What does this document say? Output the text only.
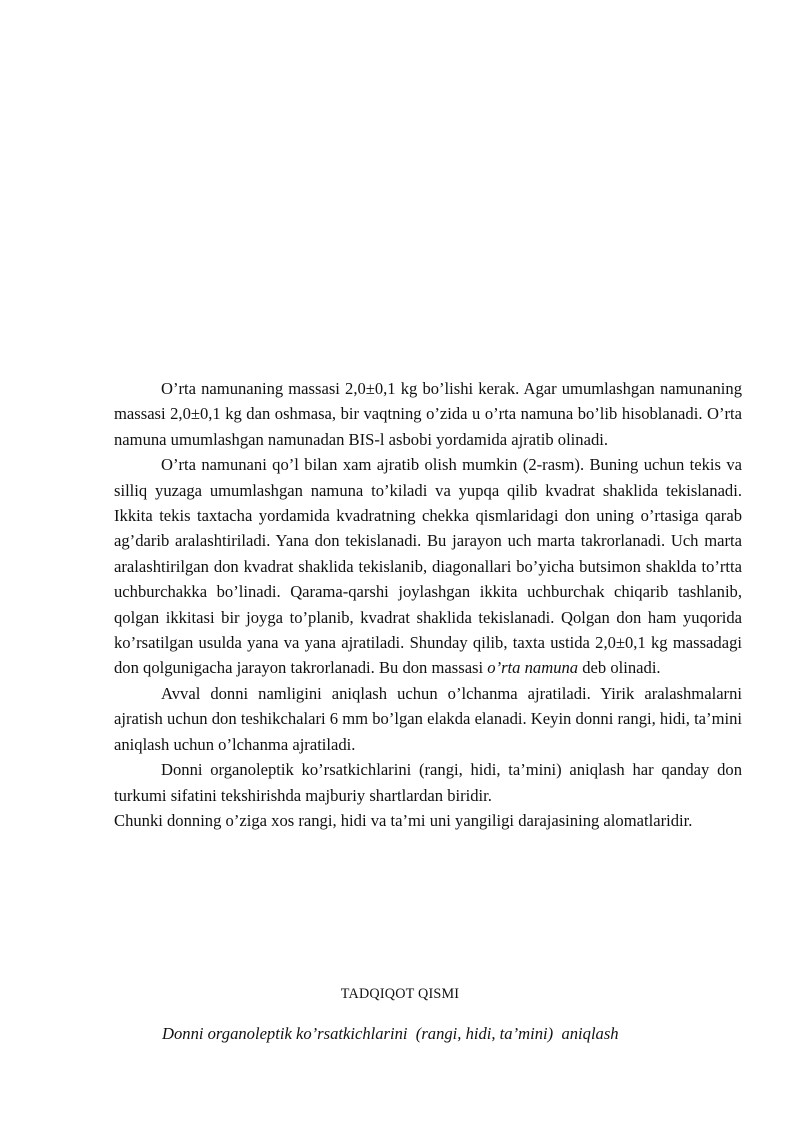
O’rta namunaning massasi 2,0±0,1 kg bo’lishi kerak. Agar umumlashgan namunaning massasi 2,0±0,1 kg dan oshmasa, bir vaqtning o’zida u o’rta namuna bo’lib hisoblanadi. O’rta namuna umumlashgan namunadan BIS-l asbobi yordamida ajratib olinadi.

O’rta namunani qo’l bilan xam ajratib olish mumkin (2-rasm). Buning uchun tekis va silliq yuzaga umumlashgan namuna to’kiladi va yupqa qilib kvadrat shaklida tekislanadi. Ikkita tekis taxtacha yordamida kvadratning chekka qismlaridagi don uning o’rtasiga qarab ag’darib aralashtiriladi. Yana don tekislanadi. Bu jarayon uch marta takrorlanadi. Uch marta aralashtirilgan don kvadrat shaklida tekislanib, diagonallari bo’yicha butsimon shaklda to’rtta uchburchakka bo’linadi. Qarama-qarshi joylashgan ikkita uchburchak chiqarib tashlanib, qolgan ikkitasi bir joyga to’planib, kvadrat shaklida tekislanadi. Qolgan don ham yuqorida ko’rsatilgan usulda yana va yana ajratiladi. Shunday qilib, taxta ustida 2,0±0,1 kg massadagi don qolgunigacha jarayon takrorlanadi. Bu don massasi o’rta namuna deb olinadi.

Avval donni namligini aniqlash uchun o’lchanma ajratiladi. Yirik aralashmalarni ajratish uchun don teshikchalari 6 mm bo’lgan elakda elanadi. Keyin donni rangi, hidi, ta’mini aniqlash uchun o’lchanma ajratiladi.

Donni organoleptik ko’rsatkichlarini (rangi, hidi, ta’mini) aniqlash har qanday don turkumi sifatini tekshirishda majburiy shartlardan biridir.

Chunki donning o’ziga xos rangi, hidi va ta’mi uni yangiligi darajasining alomatlaridir.

TADQIQOT QISMI
Donni organoleptik ko’rsatkichlarini  (rangi, hidi, ta’mini)  aniqlash
